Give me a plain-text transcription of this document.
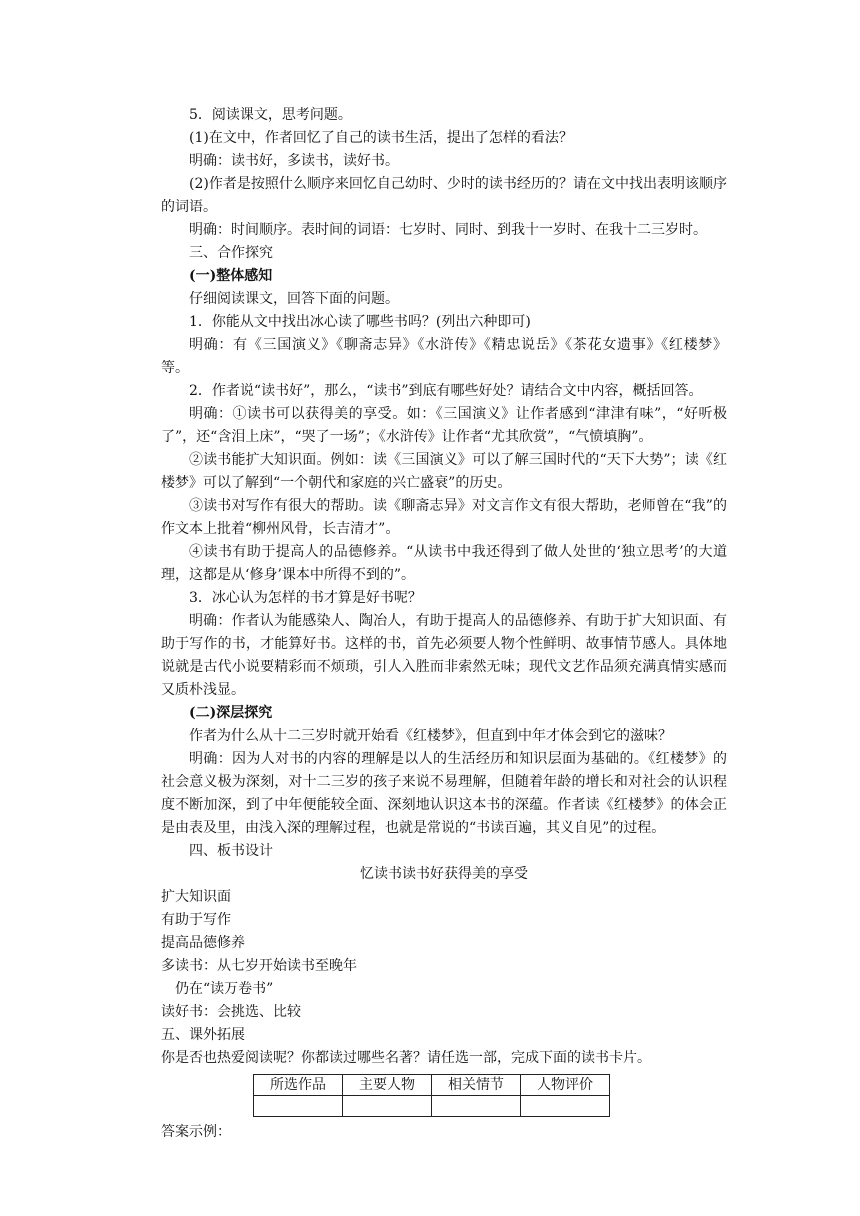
5．阅读课文，思考问题。

(1)在文中，作者回忆了自己的读书生活，提出了怎样的看法？

明确：读书好，多读书，读好书。

(2)作者是按照什么顺序来回忆自己幼时、少时的读书经历的？请在文中找出表明该顺序的词语。

明确：时间顺序。表时间的词语：七岁时、同时、到我十一岁时、在我十二三岁时。

三、合作探究

(一)整体感知

仔细阅读课文，回答下面的问题。

1．你能从文中找出冰心读了哪些书吗？(列出六种即可)

明确：有《三国演义》《聊斋志异》《水浒传》《精忠说岳》《茶花女遗事》《红楼梦》等。

2．作者说“读书好”，那么，“读书”到底有哪些好处？请结合文中内容，概括回答。

明确：①读书可以获得美的享受。如：《三国演义》让作者感到“津津有味”，“好听极了”，还“含泪上床”，“哭了一场”；《水浒传》让作者“尤其欣赏”，“气愤填胸”。

②读书能扩大知识面。例如：读《三国演义》可以了解三国时代的“天下大势”；读《红楼梦》可以了解到“一个朝代和家庭的兴亡盛衰”的历史。

③读书对写作有很大的帮助。读《聊斋志异》对文言作文有很大帮助，老师曾在“我”的作文本上批着“柳州风骨，长吉清才”。

④读书有助于提高人的品德修养。“从读书中我还得到了做人处世的‘独立思考’的大道理，这都是从‘修身’课本中所得不到的”。

3．冰心认为怎样的书才算是好书呢？

明确：作者认为能感染人、陶冶人，有助于提高人的品德修养、有助于扩大知识面、有助于写作的书，才能算好书。这样的书，首先必须要人物个性鲜明、故事情节感人。具体地说就是古代小说要精彩而不烦琐，引人入胜而非索然无味；现代文艺作品须充满真情实感而又质朴浅显。

(二)深层探究

作者为什么从十二三岁时就开始看《红楼梦》，但直到中年才体会到它的滋味？

明确：因为人对书的内容的理解是以人的生活经历和知识层面为基础的。《红楼梦》的社会意义极为深刻，对十二三岁的孩子来说不易理解，但随着年龄的增长和对社会的认识程度不断加深，到了中年便能较全面、深刻地认识这本书的深蕴。作者读《红楼梦》的体会正是由表及里，由浅入深的理解过程，也就是常说的“书读百遍，其义自见”的过程。

四、板书设计

忆读书读书好获得美的享受

扩大知识面

有助于写作

提高品德修养

多读书：从七岁开始读书至晚年

仍在“读万卷书”

读好书：会挑选、比较

五、课外拓展

你是否也热爱阅读呢？你都读过哪些名著？请任选一部，完成下面的读书卡片。

所选作品	主要人物	相关情节	人物评价

答案示例：
